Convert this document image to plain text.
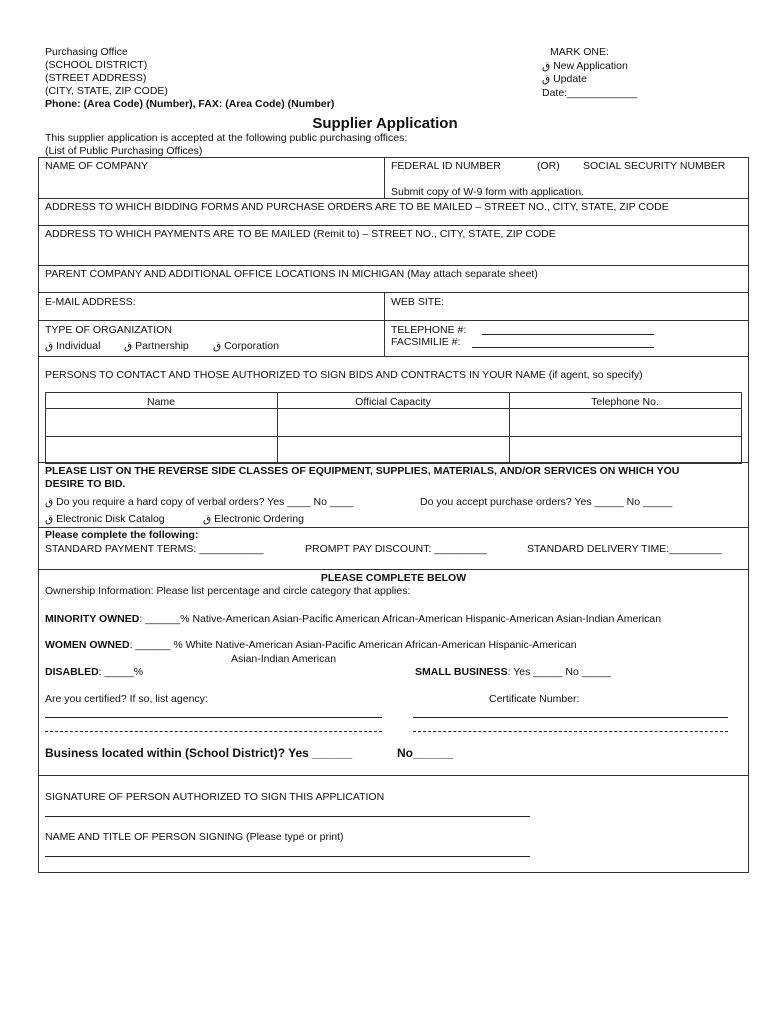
Purchasing Office
(SCHOOL DISTRICT)
(STREET ADDRESS)
(CITY, STATE, ZIP CODE)
Phone: (Area Code) (Number), FAX: (Area Code) (Number)
MARK ONE:
ق New Application
ق Update
Date:____________
Supplier Application
This supplier application is accepted at the following public purchasing offices:
(List of Public Purchasing Offices)
NAME OF COMPANY	FEDERAL ID NUMBER	(OR) SOCIAL SECURITY NUMBER
Submit copy of W-9 form with application.
ADDRESS TO WHICH BIDDING FORMS AND PURCHASE ORDERS ARE TO BE MAILED – STREET NO., CITY, STATE, ZIP CODE
ADDRESS TO WHICH PAYMENTS ARE TO BE MAILED (Remit to) – STREET NO., CITY, STATE, ZIP CODE
PARENT COMPANY AND ADDITIONAL OFFICE LOCATIONS IN MICHIGAN (May attach separate sheet)
E-MAIL ADDRESS:	WEB SITE:
TYPE OF ORGANIZATION
ق Individual ق Partnership ق Corporation
TELEPHONE #:
FACSIMILIE #:
PERSONS TO CONTACT AND THOSE AUTHORIZED TO SIGN BIDS AND CONTRACTS IN YOUR NAME (if agent, so specify)
Name	Official Capacity	Telephone No.
PLEASE LIST ON THE REVERSE SIDE CLASSES OF EQUIPMENT, SUPPLIES, MATERIALS, AND/OR SERVICES ON WHICH YOU
DESIRE TO BID.
ق Do you require a hard copy of verbal orders? Yes ____ No ____	Do you accept purchase orders? Yes _____ No _____
ق Electronic Disk Catalog	ق Electronic Ordering
Please complete the following:
STANDARD PAYMENT TERMS: ___________	PROMPT PAY DISCOUNT: _________	STANDARD DELIVERY TIME:_________
PLEASE COMPLETE BELOW
Ownership Information: Please list percentage and circle category that applies:
MINORITY OWNED: ______% Native-American Asian-Pacific American African-American Hispanic-American Asian-Indian American
WOMEN OWNED: ______ % White Native-American Asian-Pacific American African-American Hispanic-American
Asian-Indian American
DISABLED: _____%	SMALL BUSINESS: Yes _____ No _____
Are you certified? If so, list agency:	Certificate Number:
Business located within (School District)? Yes ______	No______
SIGNATURE OF PERSON AUTHORIZED TO SIGN THIS APPLICATION
NAME AND TITLE OF PERSON SIGNING (Please type or print)
